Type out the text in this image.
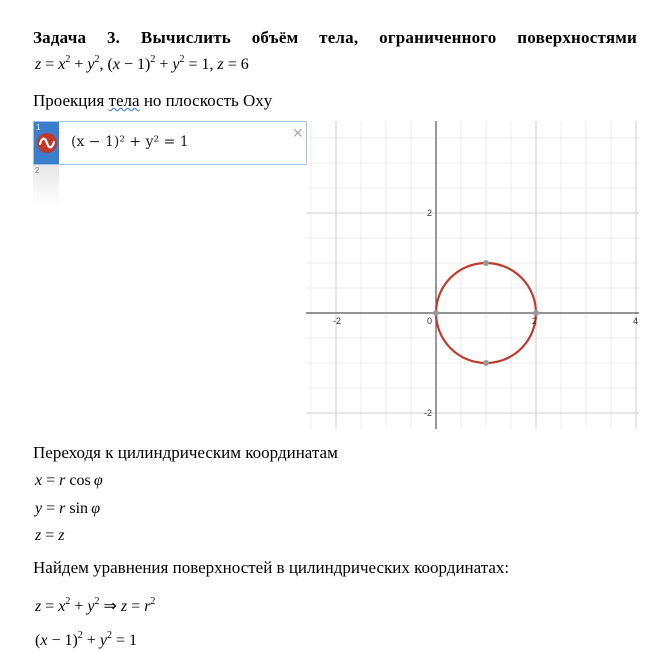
Задача 3. Вычислить объём тела, ограниченного поверхностями
$z = x^2 + y^2$, $(x - 1)^2 + y^2 = 1$, z = 6
Проекция тела но плоскость Oxy
1
(x − 1)² + y² = 1	×
2
-2	0	2	4
2
-2
Переходя к цилиндрическим координатам
x = r cos φ
y = r sin φ
z = z
Найдем уравнения поверхностей в цилиндрических координатах:
$z = x^2 + y^2$ ⇒ $z = r^2$
$(x - 1)^2 + y^2 = 1$
